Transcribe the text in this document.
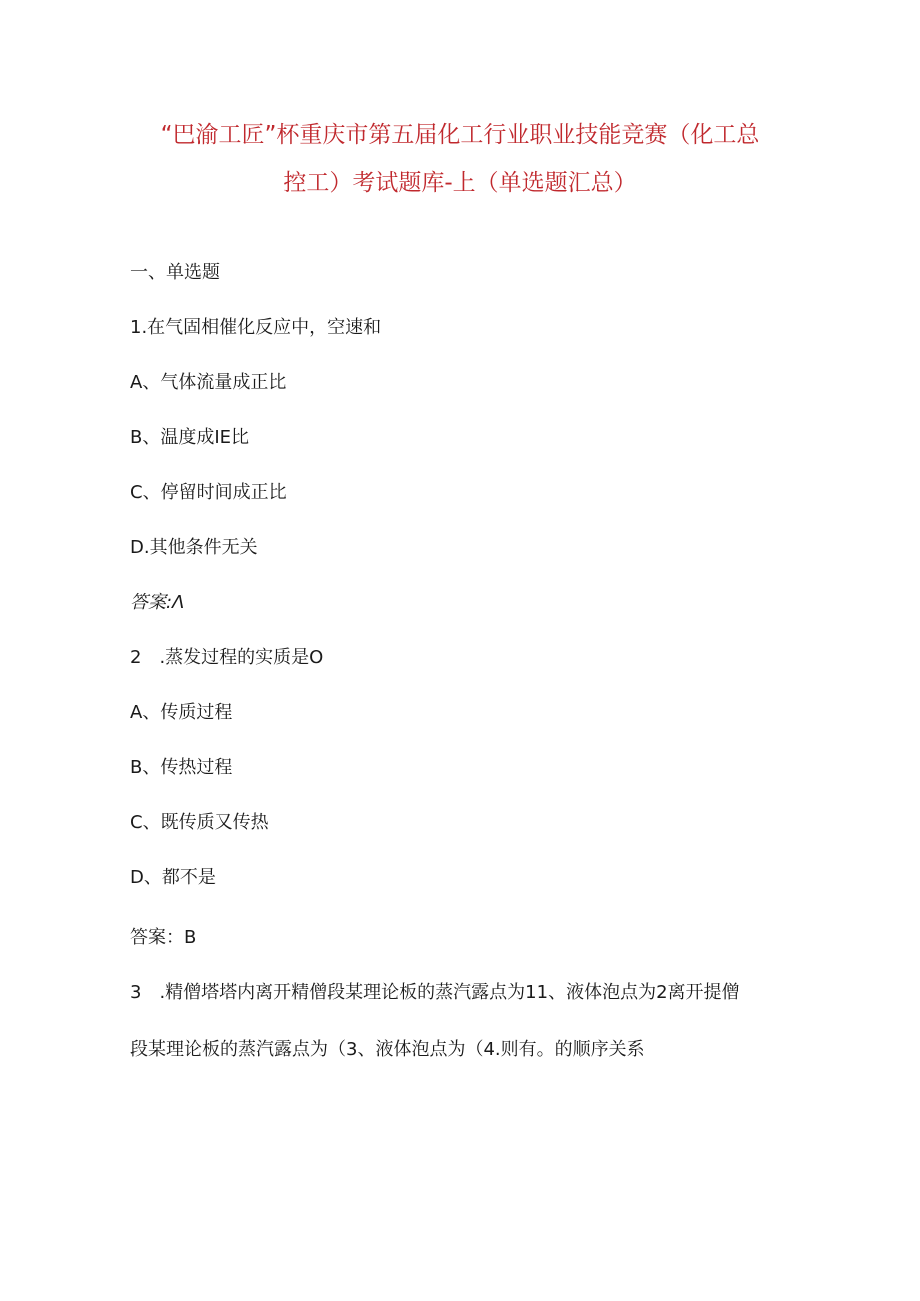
“巴渝工匠”杯重庆市第五届化工行业职业技能竞赛（化工总
控工）考试题库-上（单选题汇总）
一、单选题
1.在气固相催化反应中，空速和
A、气体流量成正比
B、温度成IE比
C、停留时间成正比
D.其他条件无关
答案:Λ
2　.蒸发过程的实质是O
A、传质过程
B、传热过程
C、既传质又传热
D、都不是
答案：B
3　.精僧塔塔内离开精僧段某理论板的蒸汽露点为11、液体泡点为2离开提僧
段某理论板的蒸汽露点为（3、液体泡点为（4.则有。的顺序关系
